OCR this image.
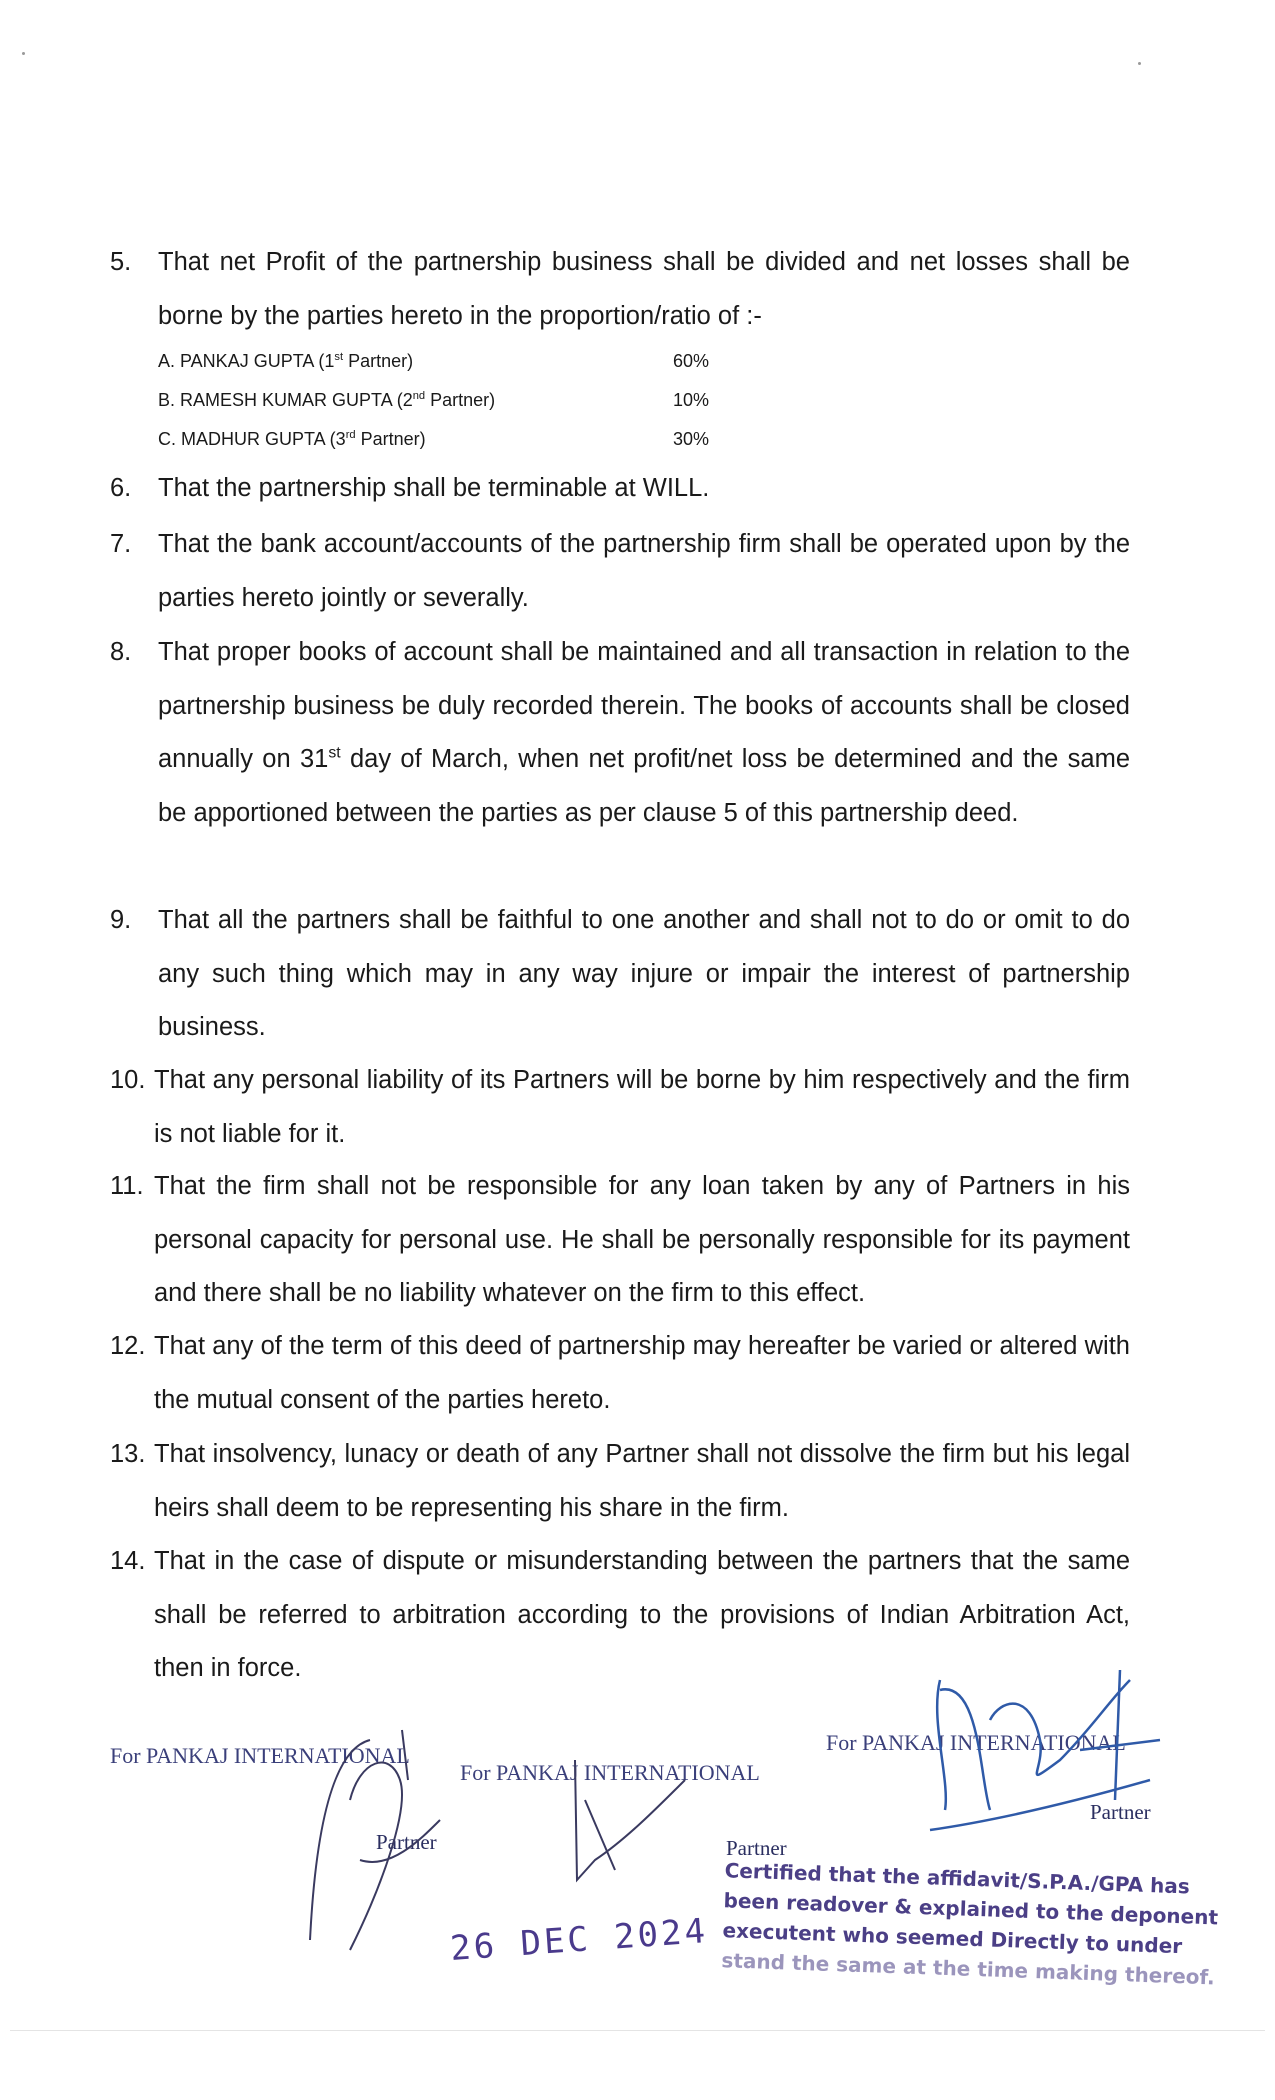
5. That net Profit of the partnership business shall be divided and net losses shall be borne by the parties hereto in the proportion/ratio of :-
A. PANKAJ GUPTA (1st Partner)	60%
B. RAMESH KUMAR GUPTA (2nd Partner)	10%
C. MADHUR GUPTA (3rd Partner)	30%
6. That the partnership shall be terminable at WILL.
7. That the bank account/accounts of the partnership firm shall be operated upon by the parties hereto jointly or severally.
8. That proper books of account shall be maintained and all transaction in relation to the partnership business be duly recorded therein. The books of accounts shall be closed annually on 31st day of March, when net profit/net loss be determined and the same be apportioned between the parties as per clause 5 of this partnership deed.
9. That all the partners shall be faithful to one another and shall not to do or omit to do any such thing which may in any way injure or impair the interest of partnership business.
10. That any personal liability of its Partners will be borne by him respectively and the firm is not liable for it.
11. That the firm shall not be responsible for any loan taken by any of Partners in his personal capacity for personal use. He shall be personally responsible for its payment and there shall be no liability whatever on the firm to this effect.
12. That any of the term of this deed of partnership may hereafter be varied or altered with the mutual consent of the parties hereto.
13. That insolvency, lunacy or death of any Partner shall not dissolve the firm but his legal heirs shall deem to be representing his share in the firm.
14. That in the case of dispute or misunderstanding between the partners that the same shall be referred to arbitration according to the provisions of Indian Arbitration Act, then in force.
For PANKAJ INTERNATIONAL
Partner
For PANKAJ INTERNATIONAL
Partner
For PANKAJ INTERNATIONAL
Partner
26 DEC 2024
Certified that the affidavit/S.P.A./GPA has
been readover & explained to the deponent
executent who seemed Directly to under
stand the same at the time making thereof.
